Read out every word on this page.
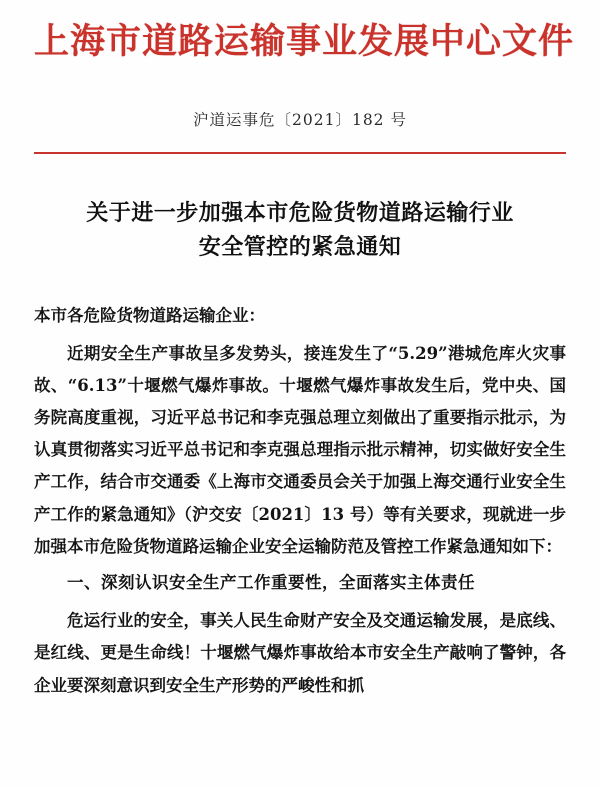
上海市道路运输事业发展中心文件
沪道运事危〔2021〕182 号
关于进一步加强本市危险货物道路运输行业
安全管控的紧急通知
本市各危险货物道路运输企业：

近期安全生产事故呈多发势头，接连发生了“5.29”港城危库火灾事故、“6.13”十堰燃气爆炸事故。十堰燃气爆炸事故发生后，党中央、国务院高度重视，习近平总书记和李克强总理立刻做出了重要指示批示，为认真贯彻落实习近平总书记和李克强总理指示批示精神，切实做好安全生产工作，结合市交通委《上海市交通委员会关于加强上海交通行业安全生产工作的紧急通知》（沪交安〔2021〕13 号）等有关要求，现就进一步加强本市危险货物道路运输企业安全运输防范及管控工作紧急通知如下：

一、深刻认识安全生产工作重要性，全面落实主体责任

危运行业的安全，事关人民生命财产安全及交通运输发展，是底线、是红线、更是生命线！十堰燃气爆炸事故给本市安全生产敲响了警钟，各企业要深刻意识到安全生产形势的严峻性和抓
